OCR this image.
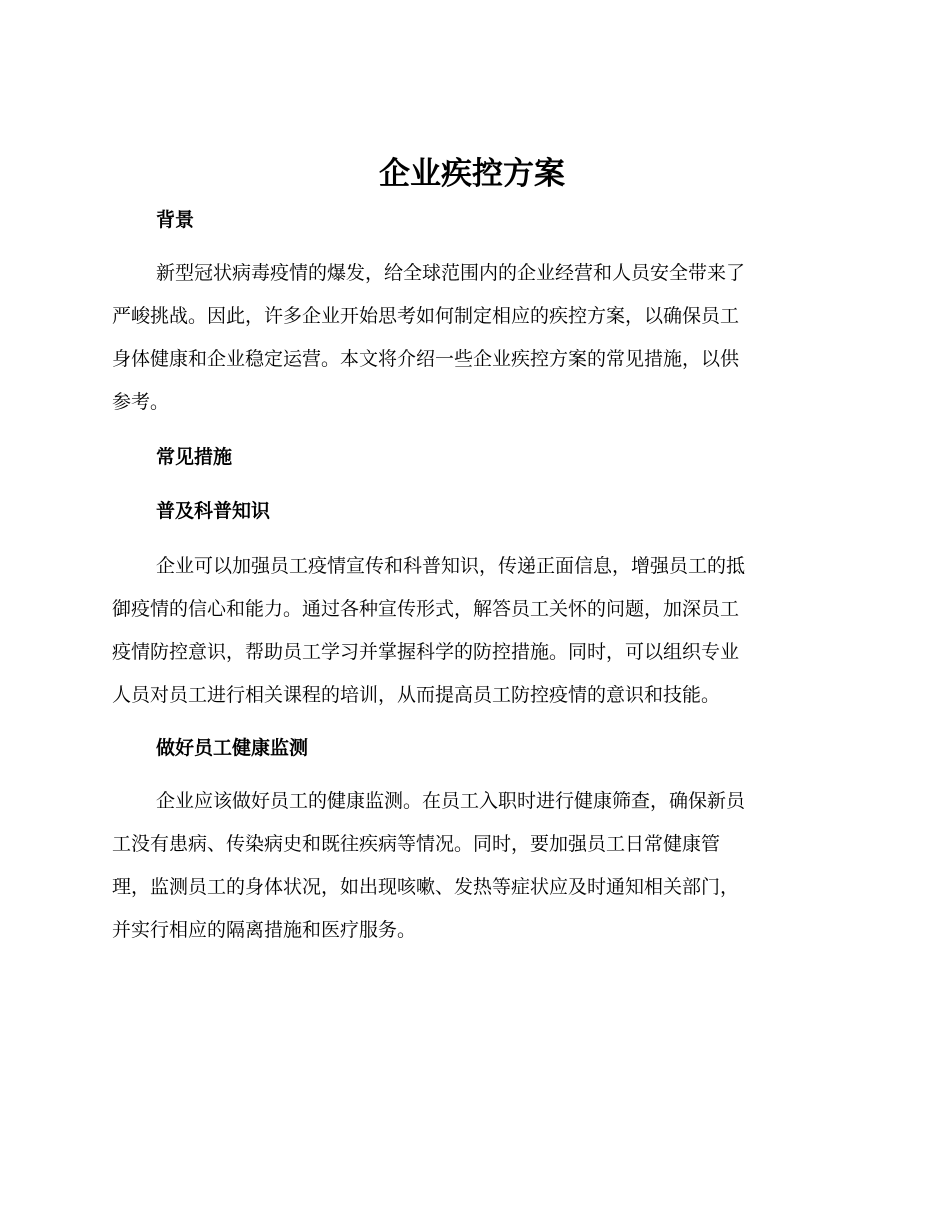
企业疾控方案
背景
新型冠状病毒疫情的爆发，给全球范围内的企业经营和人员安全带来了
严峻挑战。因此，许多企业开始思考如何制定相应的疾控方案，以确保员工
身体健康和企业稳定运营。本文将介绍一些企业疾控方案的常见措施，以供
参考。
常见措施
普及科普知识
企业可以加强员工疫情宣传和科普知识，传递正面信息，增强员工的抵
御疫情的信心和能力。通过各种宣传形式，解答员工关怀的问题，加深员工
疫情防控意识，帮助员工学习并掌握科学的防控措施。同时，可以组织专业
人员对员工进行相关课程的培训，从而提高员工防控疫情的意识和技能。
做好员工健康监测
企业应该做好员工的健康监测。在员工入职时进行健康筛查，确保新员
工没有患病、传染病史和既往疾病等情况。同时，要加强员工日常健康管
理，监测员工的身体状况，如出现咳嗽、发热等症状应及时通知相关部门，
并实行相应的隔离措施和医疗服务。
